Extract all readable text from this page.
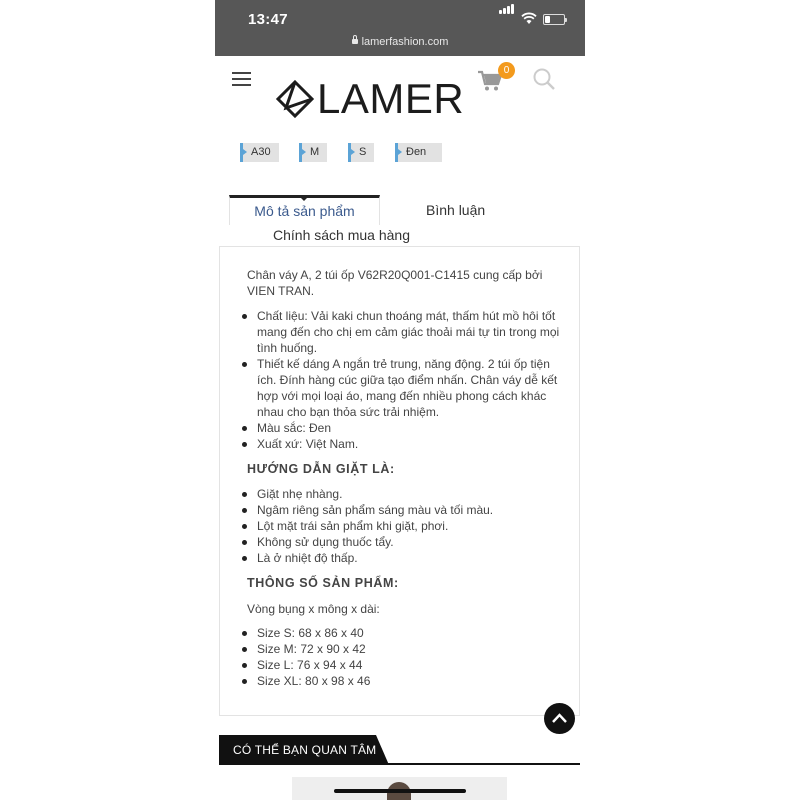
13:47
lamerfashion.com
LAMER
0
A30	M	S	Đen
Mô tả sản phẩm	Bình luận
Chính sách mua hàng
Chân váy A, 2 túi ốp V62R20Q001-C1415 cung cấp bởi VIEN TRAN.
Chất liệu: Vải kaki chun thoáng mát, thấm hút mồ hôi tốt mang đến cho chị em cảm giác thoải mái tự tin trong mọi tình huống.
Thiết kế dáng A ngắn trẻ trung, năng động. 2 túi ốp tiện ích. Đính hàng cúc giữa tạo điểm nhấn. Chân váy dễ kết hợp với mọi loại áo, mang đến nhiều phong cách khác nhau cho bạn thỏa sức trải nhiệm.
Màu sắc: Đen
Xuất xứ: Việt Nam.
HƯỚNG DẪN GIẶT LÀ:
Giặt nhẹ nhàng.
Ngâm riêng sản phẩm sáng màu và tối màu.
Lột mặt trái sản phẩm khi giặt, phơi.
Không sử dụng thuốc tẩy.
Là ở nhiệt độ thấp.
THÔNG SỐ SẢN PHẨM:
Vòng bụng x mông x dài:
Size S: 68 x 86 x 40
Size M: 72 x 90 x 42
Size L: 76 x 94 x 44
Size XL: 80 x 98 x 46
CÓ THỂ BẠN QUAN TÂM
